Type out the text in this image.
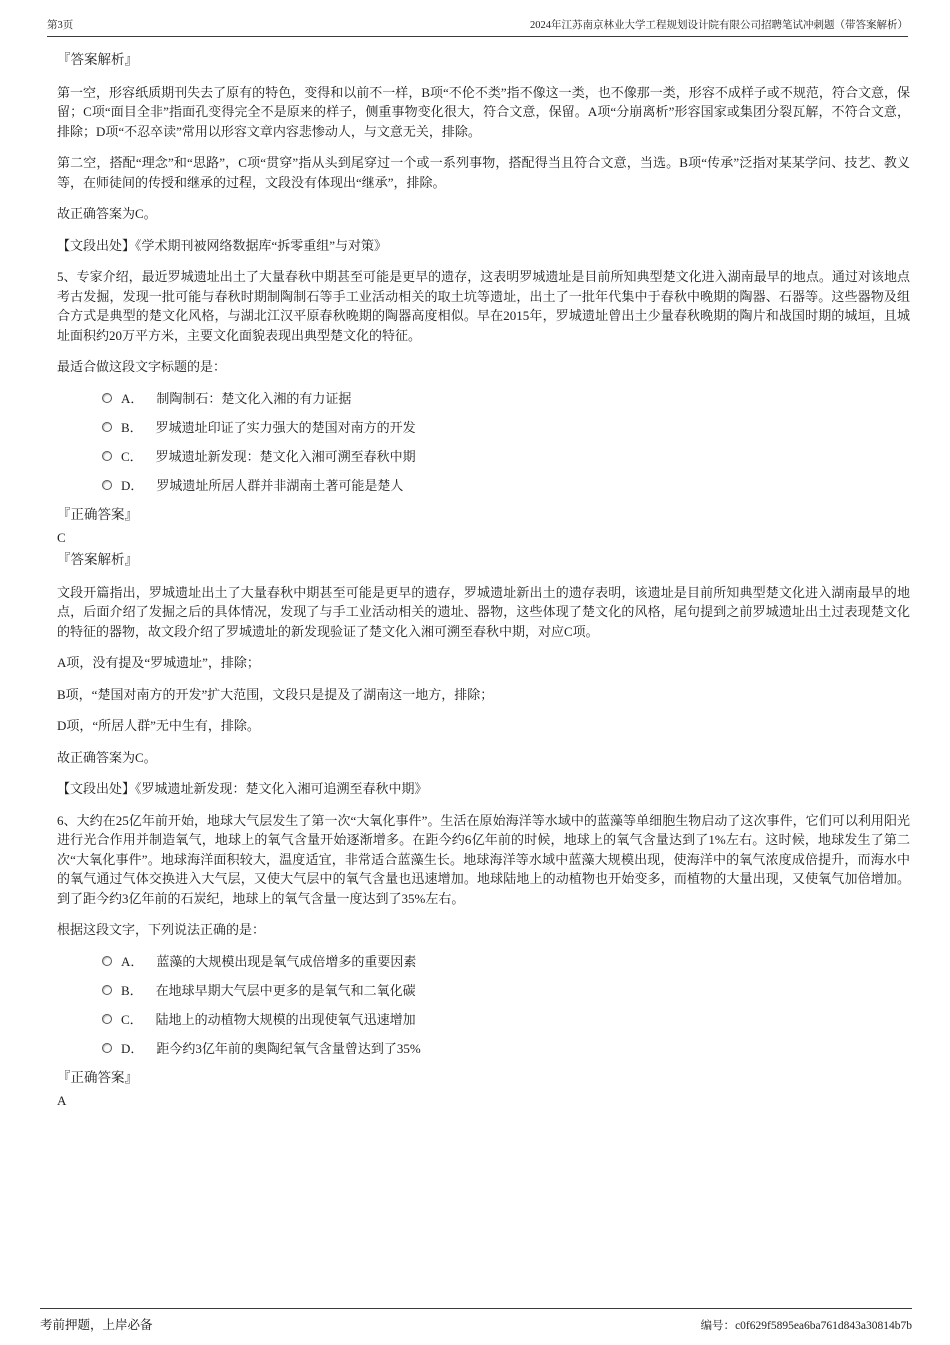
第3页	2024年江苏南京林业大学工程规划设计院有限公司招聘笔试冲刺题（带答案解析）

『答案解析』

第一空，形容纸质期刊失去了原有的特色，变得和以前不一样，B项“不伦不类”指不像这一类，也不像那一类，形容不成样子或不规范，符合文意，保留；C项“面目全非”指面孔变得完全不是原来的样子，侧重事物变化很大，符合文意，保留。A项“分崩离析”形容国家或集团分裂瓦解，不符合文意，排除；D项“不忍卒读”常用以形容文章内容悲惨动人，与文意无关，排除。

第二空，搭配“理念”和“思路”，C项“贯穿”指从头到尾穿过一个或一系列事物，搭配得当且符合文意，当选。B项“传承”泛指对某某学问、技艺、教义等，在师徒间的传授和继承的过程，文段没有体现出“继承”，排除。

故正确答案为C。

【文段出处】《学术期刊被网络数据库“拆零重组”与对策》

5、专家介绍，最近罗城遗址出土了大量春秋中期甚至可能是更早的遗存，这表明罗城遗址是目前所知典型楚文化进入湖南最早的地点。通过对该地点考古发掘，发现一批可能与春秋时期制陶制石等手工业活动相关的取土坑等遗址，出土了一批年代集中于春秋中晚期的陶器、石器等。这些器物及组合方式是典型的楚文化风格，与湖北江汉平原春秋晚期的陶器高度相似。早在2015年，罗城遗址曾出土少量春秋晚期的陶片和战国时期的城垣，且城址面积约20万平方米，主要文化面貌表现出典型楚文化的特征。

最适合做这段文字标题的是：

A． 制陶制石：楚文化入湘的有力证据
B． 罗城遗址印证了实力强大的楚国对南方的开发
C． 罗城遗址新发现：楚文化入湘可溯至春秋中期
D． 罗城遗址所居人群并非湖南土著可能是楚人

『正确答案』

C

『答案解析』

文段开篇指出，罗城遗址出土了大量春秋中期甚至可能是更早的遗存，罗城遗址新出土的遗存表明，该遗址是目前所知典型楚文化进入湖南最早的地点，后面介绍了发掘之后的具体情况，发现了与手工业活动相关的遗址、器物，这些体现了楚文化的风格，尾句提到之前罗城遗址出土过表现楚文化的特征的器物，故文段介绍了罗城遗址的新发现验证了楚文化入湘可溯至春秋中期，对应C项。

A项，没有提及“罗城遗址”，排除；

B项，“楚国对南方的开发”扩大范围，文段只是提及了湖南这一地方，排除；

D项，“所居人群”无中生有，排除。

故正确答案为C。

【文段出处】《罗城遗址新发现：楚文化入湘可追溯至春秋中期》

6、大约在25亿年前开始，地球大气层发生了第一次“大氧化事件”。生活在原始海洋等水域中的蓝藻等单细胞生物启动了这次事件，它们可以利用阳光进行光合作用并制造氧气，地球上的氧气含量开始逐渐增多。在距今约6亿年前的时候，地球上的氧气含量达到了1%左右。这时候，地球发生了第二次“大氧化事件”。地球海洋面积较大，温度适宜，非常适合蓝藻生长。地球海洋等水域中蓝藻大规模出现，使海洋中的氧气浓度成倍提升，而海水中的氧气通过气体交换进入大气层，又使大气层中的氧气含量也迅速增加。地球陆地上的动植物也开始变多，而植物的大量出现，又使氧气加倍增加。到了距今约3亿年前的石炭纪，地球上的氧气含量一度达到了35%左右。

根据这段文字，下列说法正确的是：

A． 蓝藻的大规模出现是氧气成倍增多的重要因素
B． 在地球早期大气层中更多的是氧气和二氧化碳
C． 陆地上的动植物大规模的出现使氧气迅速增加
D． 距今约3亿年前的奥陶纪氧气含量曾达到了35%

『正确答案』

A

考前押题，上岸必备	编号：c0f629f5895ea6ba761d843a30814b7b
